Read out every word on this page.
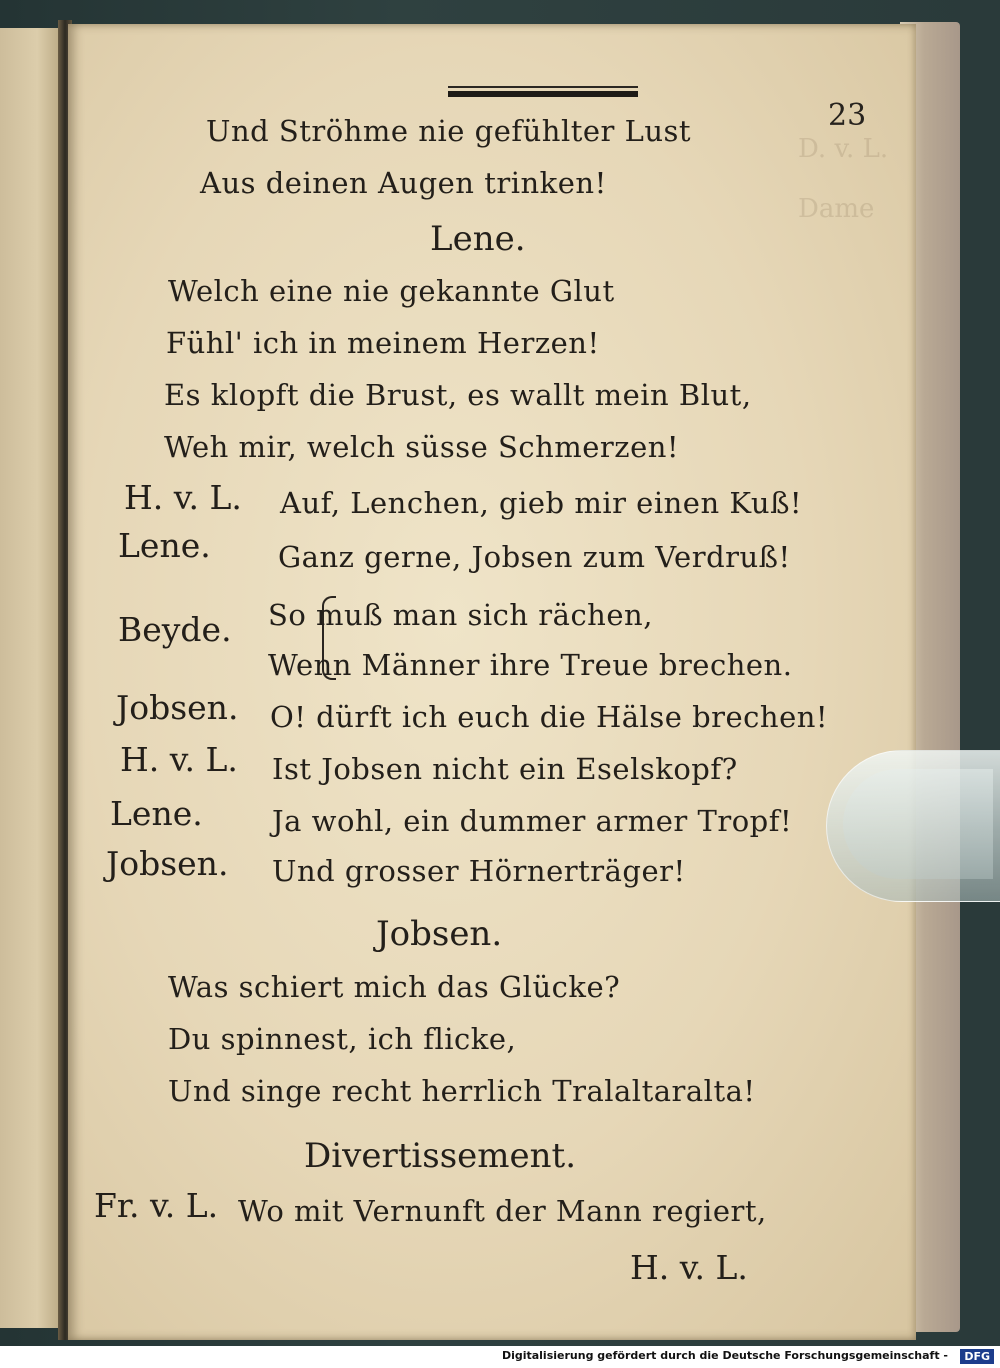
23
D. v. L.
Dame
Und Ströhme nie gefühlter Lust
Aus deinen Augen trinken!
Lene.
Welch eine nie gekannte Glut
Fühl' ich in meinem Herzen!
Es klopft die Brust, es wallt mein Blut,
Weh mir, welch süsse Schmerzen!
H. v. L. Auf, Lenchen, gieb mir einen Kuß!
Lene. Ganz gerne, Jobsen zum Verdruß!
Beyde. So muß man sich rächen,
Wenn Männer ihre Treue brechen.
Jobsen. O! dürft ich euch die Hälse brechen!
H. v. L. Ist Jobsen nicht ein Eselskopf?
Lene. Ja wohl, ein dummer armer Tropf!
Jobsen. Und grosser Hörnerträger!
Jobsen.
Was schiert mich das Glücke?
Du spinnest, ich flicke,
Und singe recht herrlich Tralaltaralta!
Divertissement.
Fr. v. L. Wo mit Vernunft der Mann regiert,
H. v. L.
Digitalisierung gefördert durch die Deutsche Forschungsgemeinschaft -	DFG
